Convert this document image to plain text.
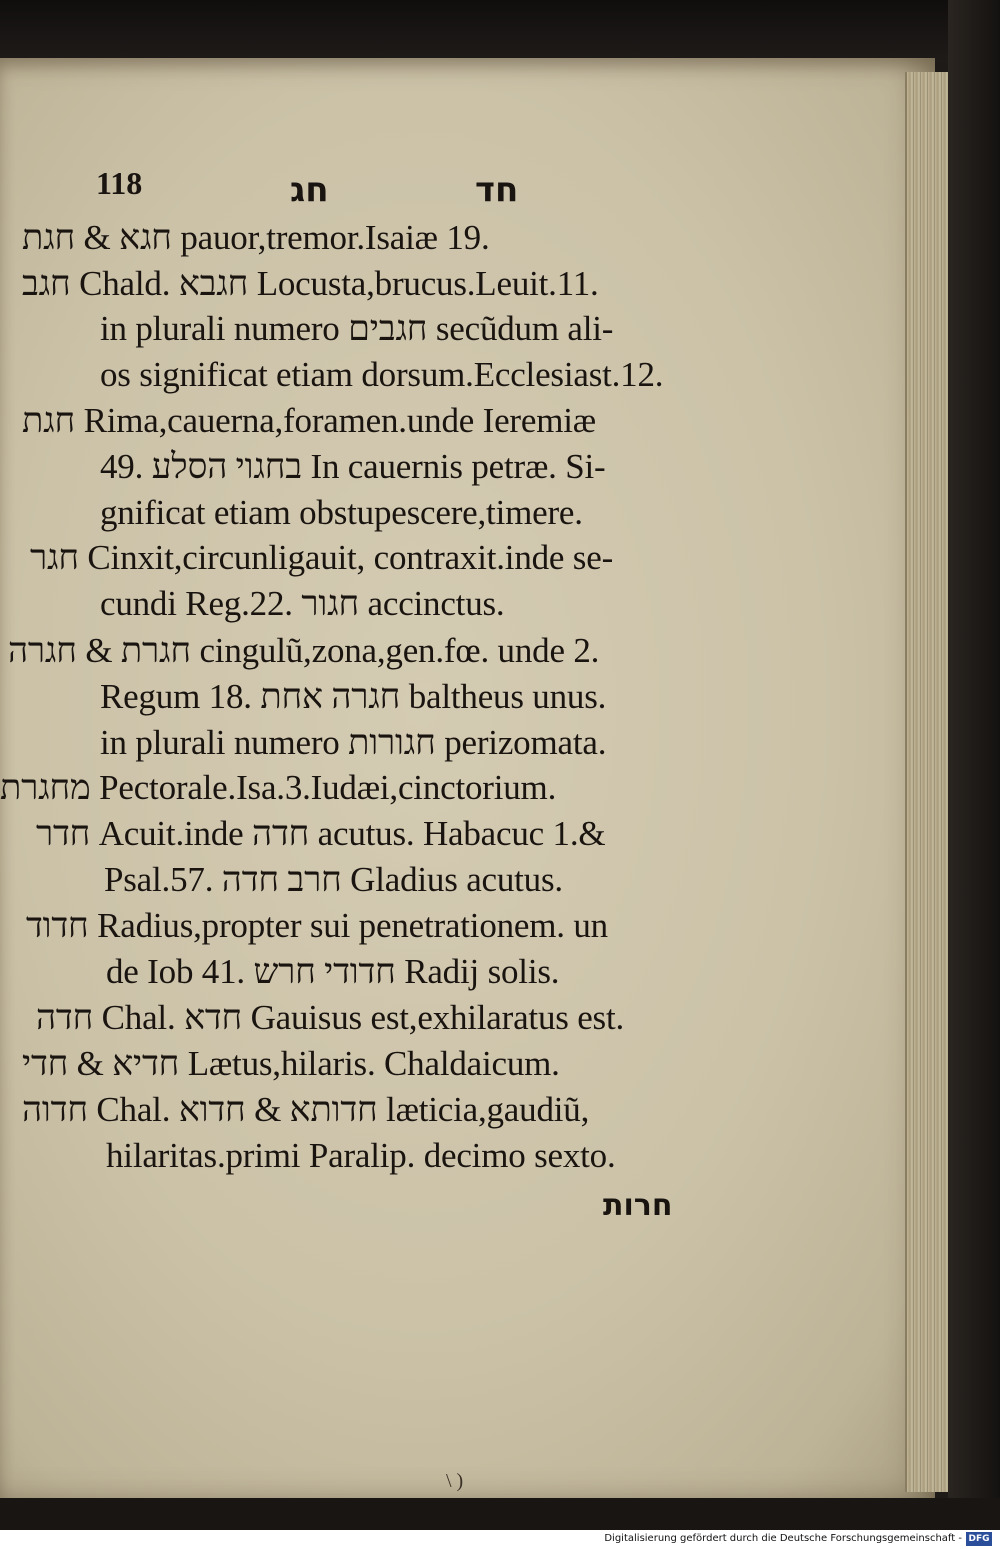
118	חג	חד
חגא & חגת pauor,tremor.Isaiæ 19.
חגב Chald. חגבא Locusta,brucus.Leuit.11.
in plurali numero חגבים secũdum ali-
os significat etiam dorsum.Ecclesiast.12.
חגת Rima,cauerna,foramen.unde Ieremiæ
49. בחגוי הסלע In cauernis petræ. Si-
gnificat etiam obstupescere,timere.
חגר Cinxit,circunligauit, contraxit.inde se-
cundi Reg.22. חגור accinctus.
חגרת & חגרה cingulũ,zona,gen.fœ. unde 2.
Regum 18. חגרה אחת baltheus unus.
in plurali numero חגורות perizomata.
מחגרת Pectorale.Isa.3.Iudæi,cinctorium.
חדר Acuit.inde חדה acutus. Habacuc 1.&
Psal.57. חרב חדה Gladius acutus.
חדוד Radius,propter sui penetrationem. un
de Iob 41. חדודי חרש Radij solis.
חדה Chal. חדא Gauisus est,exhilaratus est.
חדיא & חדי Lætus,hilaris. Chaldaicum.
חדוה Chal. חדותא & חדוא læticia,gaudiũ,
hilaritas.primi Paralip. decimo sexto.
חרות
\ )
Digitalisierung gefördert durch die Deutsche Forschungsgemeinschaft - DFG
